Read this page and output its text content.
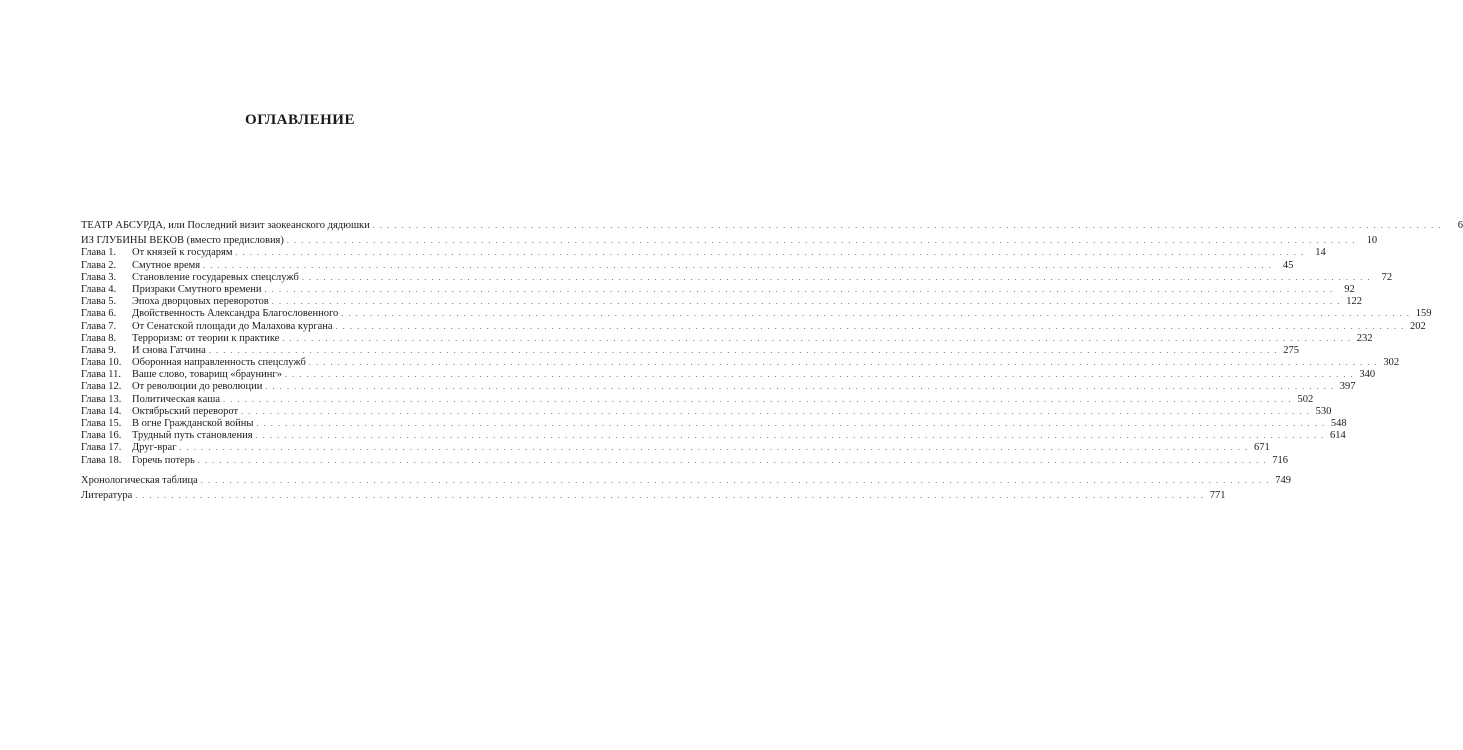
ОГЛАВЛЕНИЕ
ТЕАТР АБСУРДА, или Последний визит заокеанского дядюшки . . .	6
ИЗ ГЛУБИНЫ ВЕКОВ (вместо предисловия) . . .	10
Глава 1.	От князей к государям . . .	14
Глава 2.	Смутное время . . .	45
Глава 3.	Становление государевых спецслужб . . .	72
Глава 4.	Призраки Смутного времени . . .	92
Глава 5.	Эпоха дворцовых переворотов . . .	122
Глава 6.	Двойственность Александра Благословенного . . .	159
Глава 7.	От Сенатской площади до Малахова кургана . . .	202
Глава 8.	Терроризм: от теории к практике . . .	232
Глава 9.	И снова Гатчина . . .	275
Глава 10.	Оборонная направленность спецслужб . . .	302
Глава 11.	Ваше слово, товарищ «браунинг» . . .	340
Глава 12.	От революции до революции . . .	397
Глава 13.	Политическая каша . . .	502
Глава 14.	Октябрьский переворот . . .	530
Глава 15.	В огне Гражданской войны . . .	548
Глава 16.	Трудный путь становления . . .	614
Глава 17.	Друг-враг . . .	671
Глава 18.	Горечь потерь . . .	716
Хронологическая таблица . . .	749
Литература . . .	771
